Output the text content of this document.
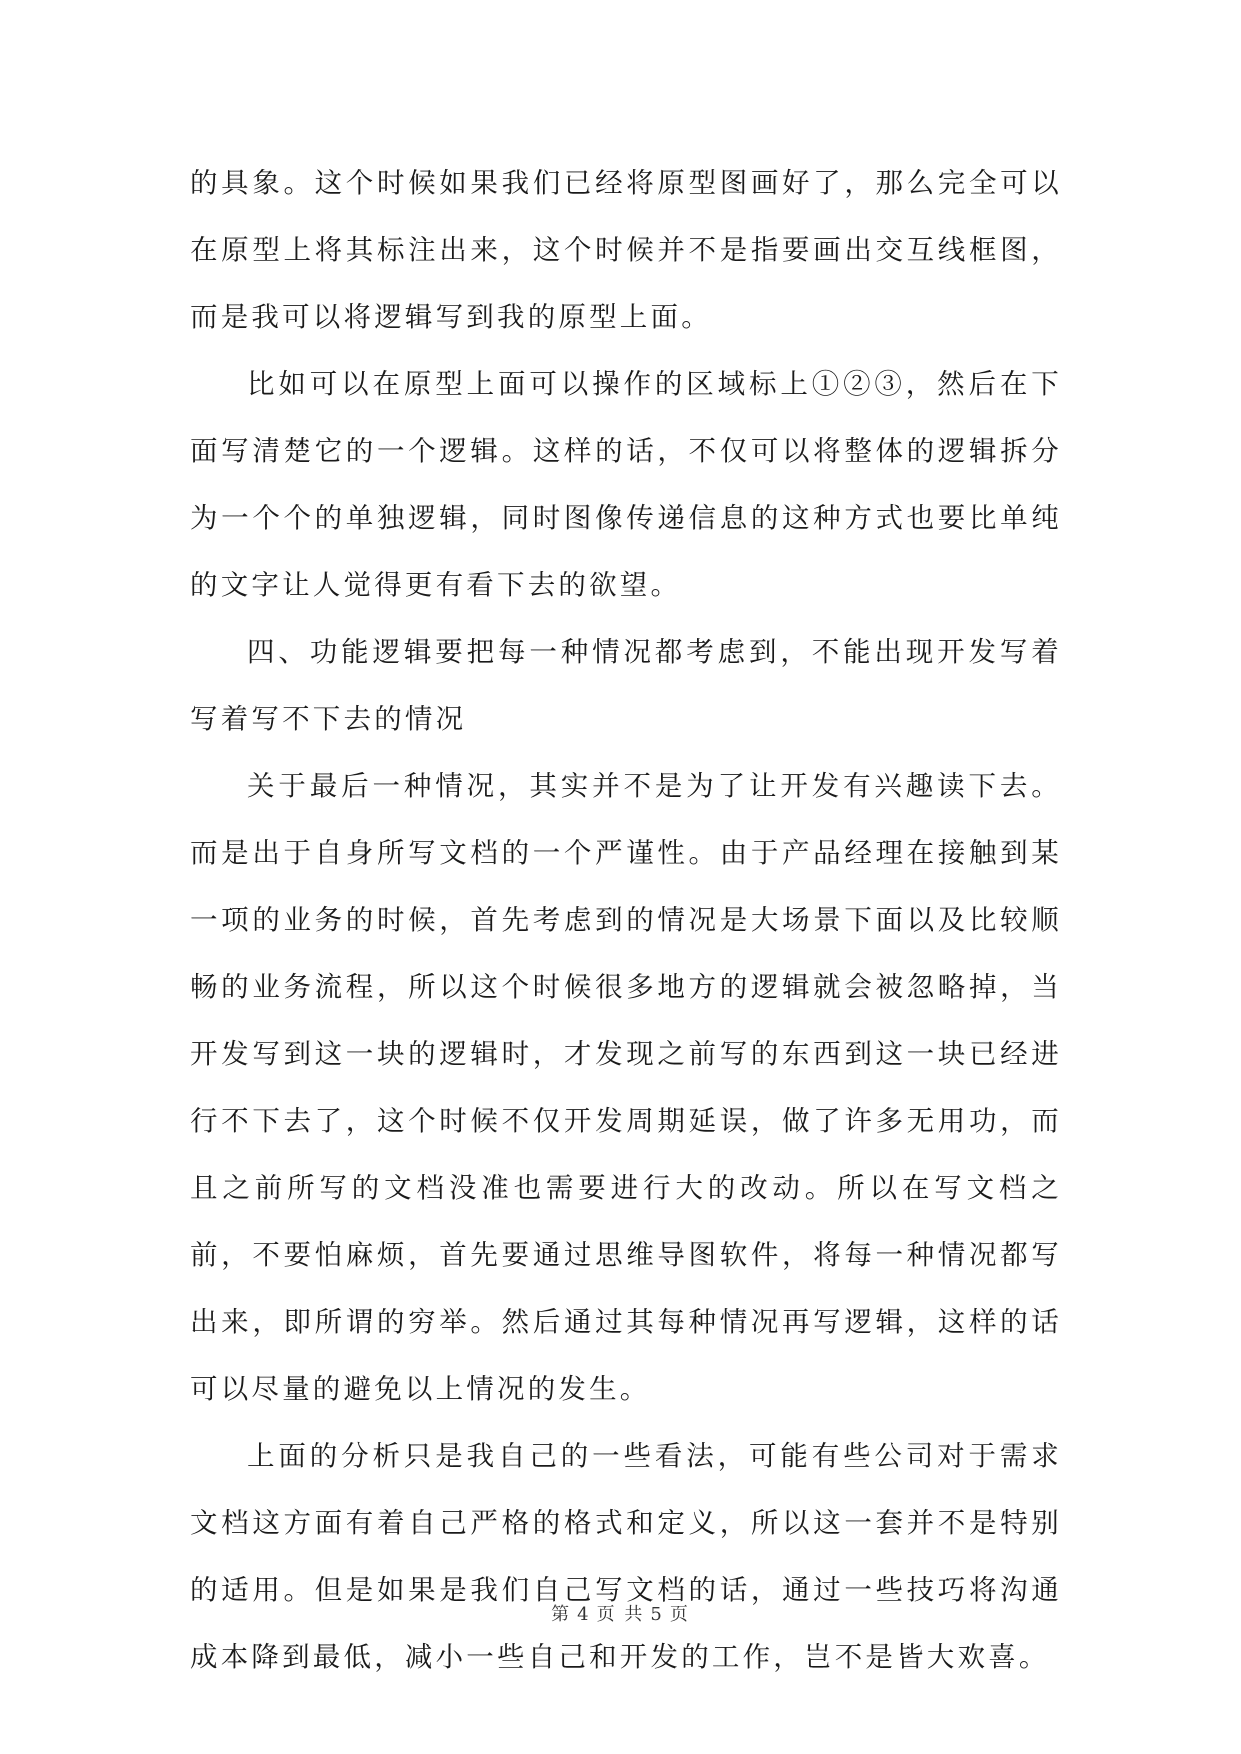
的具象。这个时候如果我们已经将原型图画好了，那么完全可以在原型上将其标注出来，这个时候并不是指要画出交互线框图，而是我可以将逻辑写到我的原型上面。

比如可以在原型上面可以操作的区域标上①②③，然后在下面写清楚它的一个逻辑。这样的话，不仅可以将整体的逻辑拆分为一个个的单独逻辑，同时图像传递信息的这种方式也要比单纯的文字让人觉得更有看下去的欲望。

四、功能逻辑要把每一种情况都考虑到，不能出现开发写着写着写不下去的情况

关于最后一种情况，其实并不是为了让开发有兴趣读下去。而是出于自身所写文档的一个严谨性。由于产品经理在接触到某一项的业务的时候，首先考虑到的情况是大场景下面以及比较顺畅的业务流程，所以这个时候很多地方的逻辑就会被忽略掉，当开发写到这一块的逻辑时，才发现之前写的东西到这一块已经进行不下去了，这个时候不仅开发周期延误，做了许多无用功，而且之前所写的文档没准也需要进行大的改动。所以在写文档之前，不要怕麻烦，首先要通过思维导图软件，将每一种情况都写出来，即所谓的穷举。然后通过其每种情况再写逻辑，这样的话可以尽量的避免以上情况的发生。

上面的分析只是我自己的一些看法，可能有些公司对于需求文档这方面有着自己严格的格式和定义，所以这一套并不是特别的适用。但是如果是我们自己写文档的话，通过一些技巧将沟通成本降到最低，减小一些自己和开发的工作，岂不是皆大欢喜。

第 4 页 共 5 页
